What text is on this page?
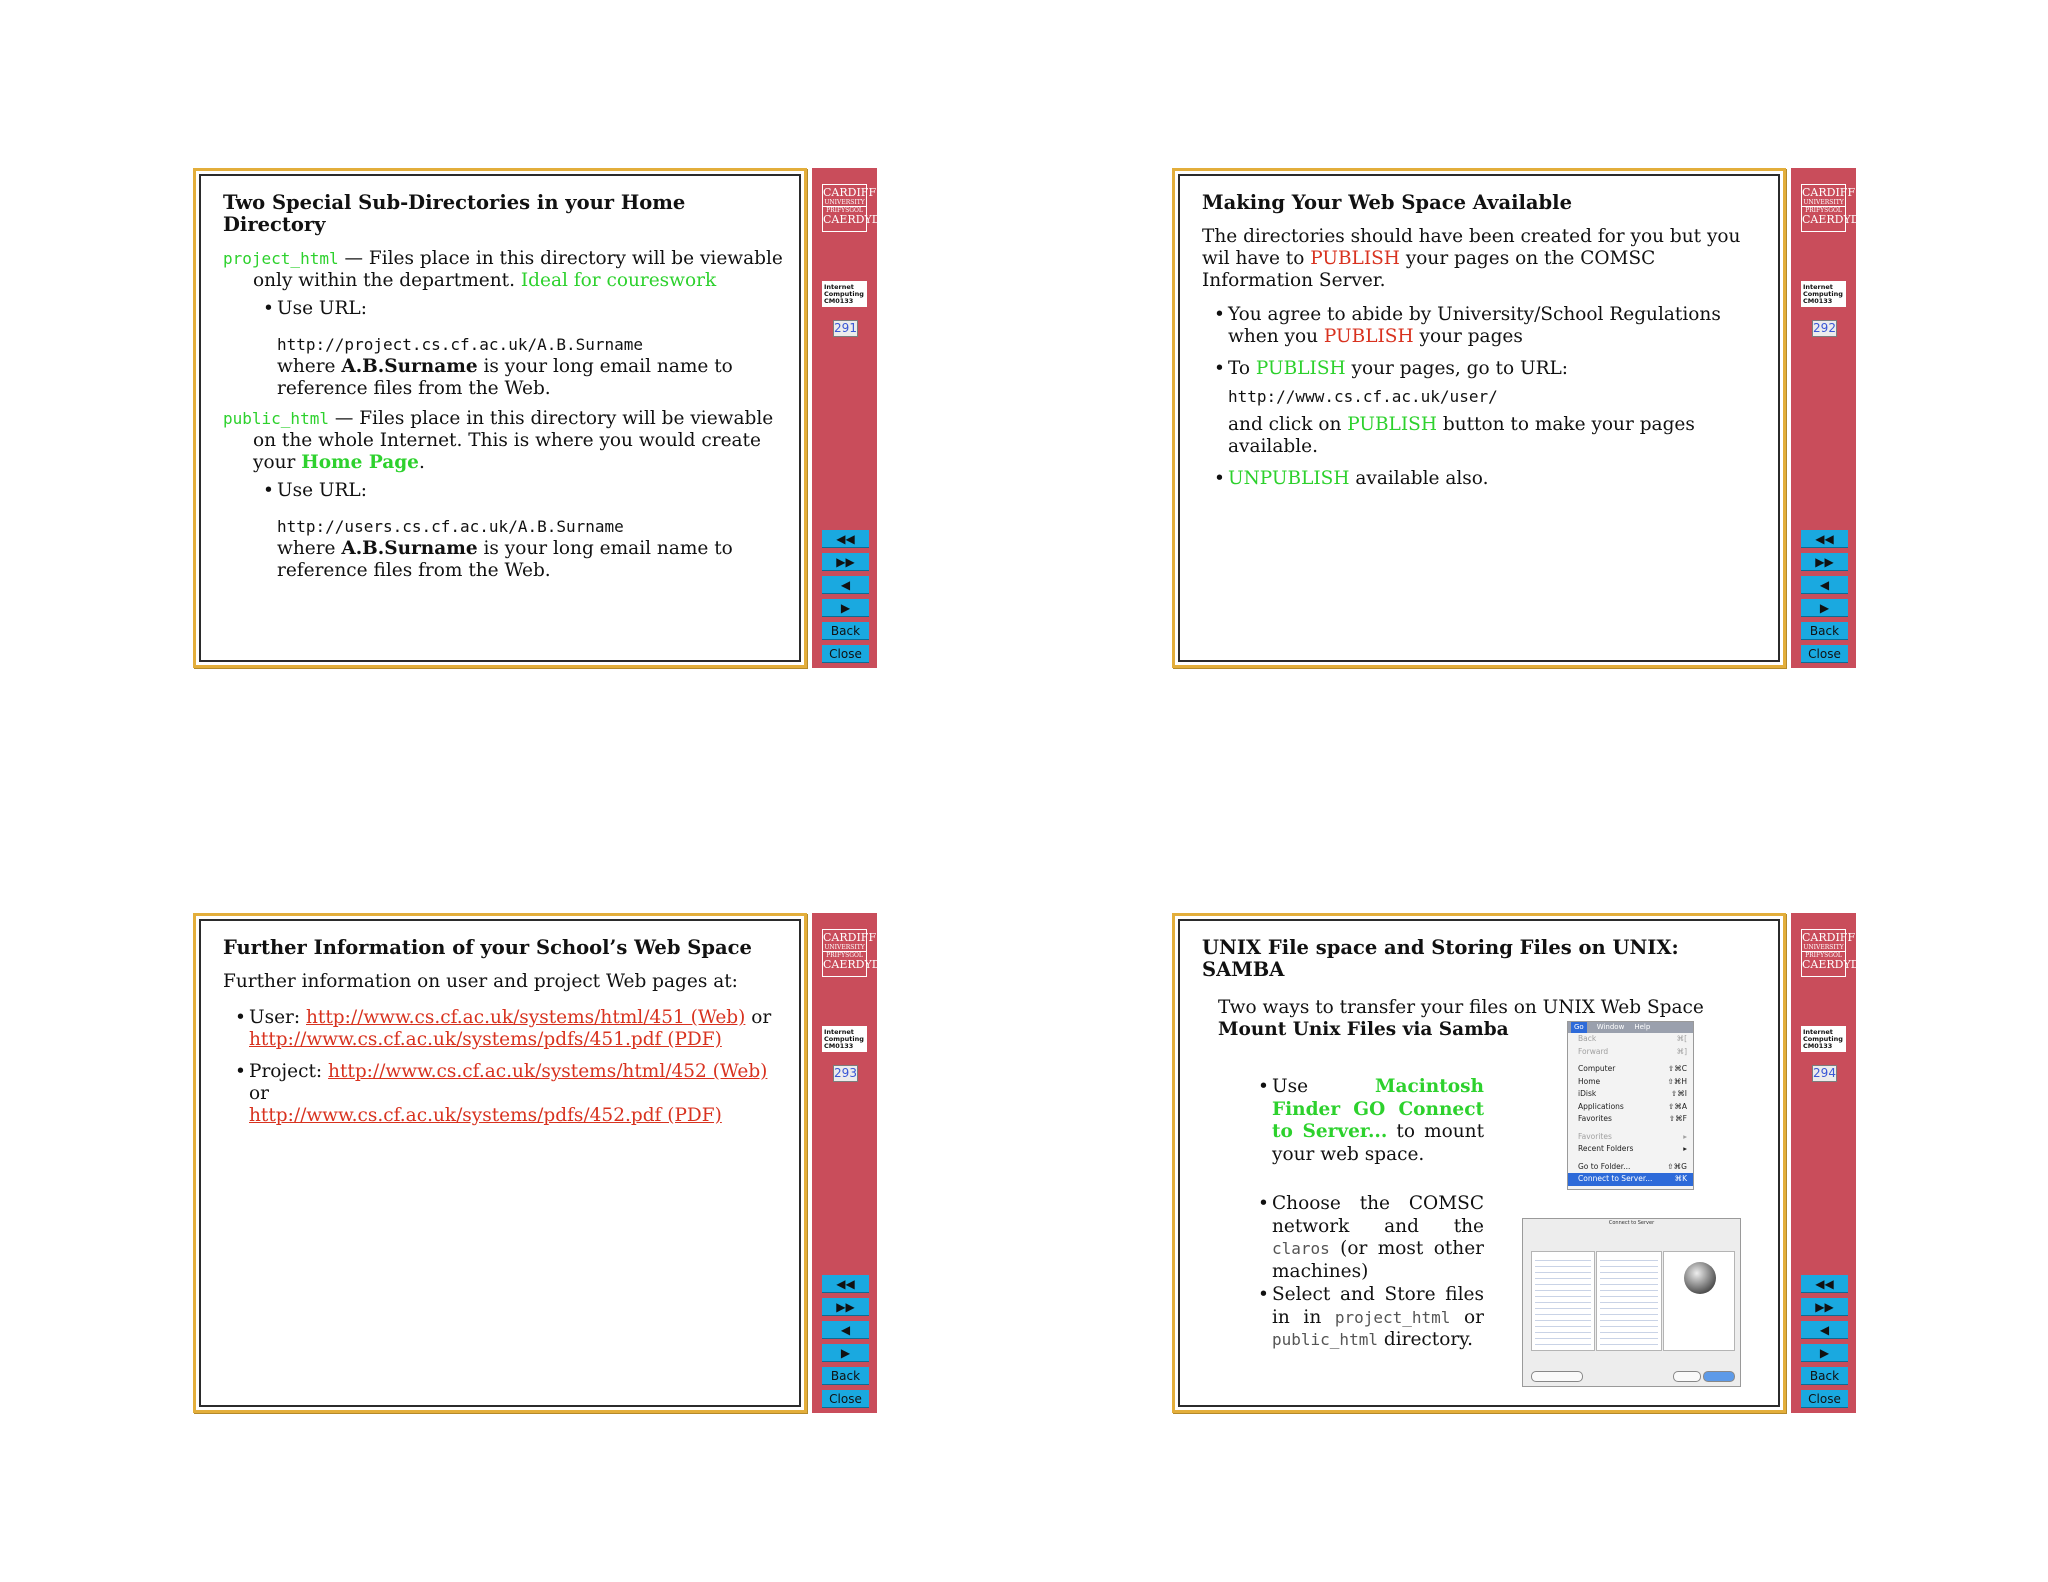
Two Special Sub-Directories in your Home Directory
project_html — Files place in this directory will be viewable only within the department. Ideal for coureswork
• Use URL:
http://project.cs.cf.ac.uk/A.B.Surname
where A.B.Surname is your long email name to reference files from the Web.
public_html — Files place in this directory will be viewable on the whole Internet. This is where you would create your Home Page.
• Use URL:
http://users.cs.cf.ac.uk/A.B.Surname
where A.B.Surname is your long email name to reference files from the Web.
CARDIFF
UNIVERSITY
PRIFYSGOL
CAERDYDD
Internet
Computing
CM0133
291
◀◀
▶▶
◀
▶
Back
Close
Making Your Web Space Available
The directories should have been created for you but you wil have to PUBLISH your pages on the COMSC Information Server.
• You agree to abide by University/School Regulations when you PUBLISH your pages
• To PUBLISH your pages, go to URL:
http://www.cs.cf.ac.uk/user/
and click on PUBLISH button to make your pages available.
• UNPUBLISH available also.
CARDIFF
UNIVERSITY
PRIFYSGOL
CAERDYDD
Internet
Computing
CM0133
292
◀◀
▶▶
◀
▶
Back
Close
Further Information of your School’s Web Space
Further information on user and project Web pages at:
• User: http://www.cs.cf.ac.uk/systems/html/451 (Web) or
http://www.cs.cf.ac.uk/systems/pdfs/451.pdf (PDF)
• Project: http://www.cs.cf.ac.uk/systems/html/452 (Web) or
http://www.cs.cf.ac.uk/systems/pdfs/452.pdf (PDF)
CARDIFF
UNIVERSITY
PRIFYSGOL
CAERDYDD
Internet
Computing
CM0133
293
◀◀
▶▶
◀
▶
Back
Close
UNIX File space and Storing Files on UNIX: SAMBA
Two ways to transfer your files on UNIX Web Space
Mount Unix Files via Samba
• Use Macintosh Finder GO Connect to Server... to mount your web space.
• Choose the COMSC network and the claros (or most other machines)
• Select and Store files in in project_html or public_html directory.
Go Window Help
Back	⌘[
Forward	⌘]
Computer	⇧⌘C
Home	⇧⌘H
iDisk	⇧⌘I
Applications	⇧⌘A
Favorites	⇧⌘F
Favorites	▸
Recent Folders	▸
Go to Folder...	⇧⌘G
Connect to Server...	⌘K
Connect to Server
CARDIFF
UNIVERSITY
PRIFYSGOL
CAERDYDD
Internet
Computing
CM0133
294
◀◀
▶▶
◀
▶
Back
Close
